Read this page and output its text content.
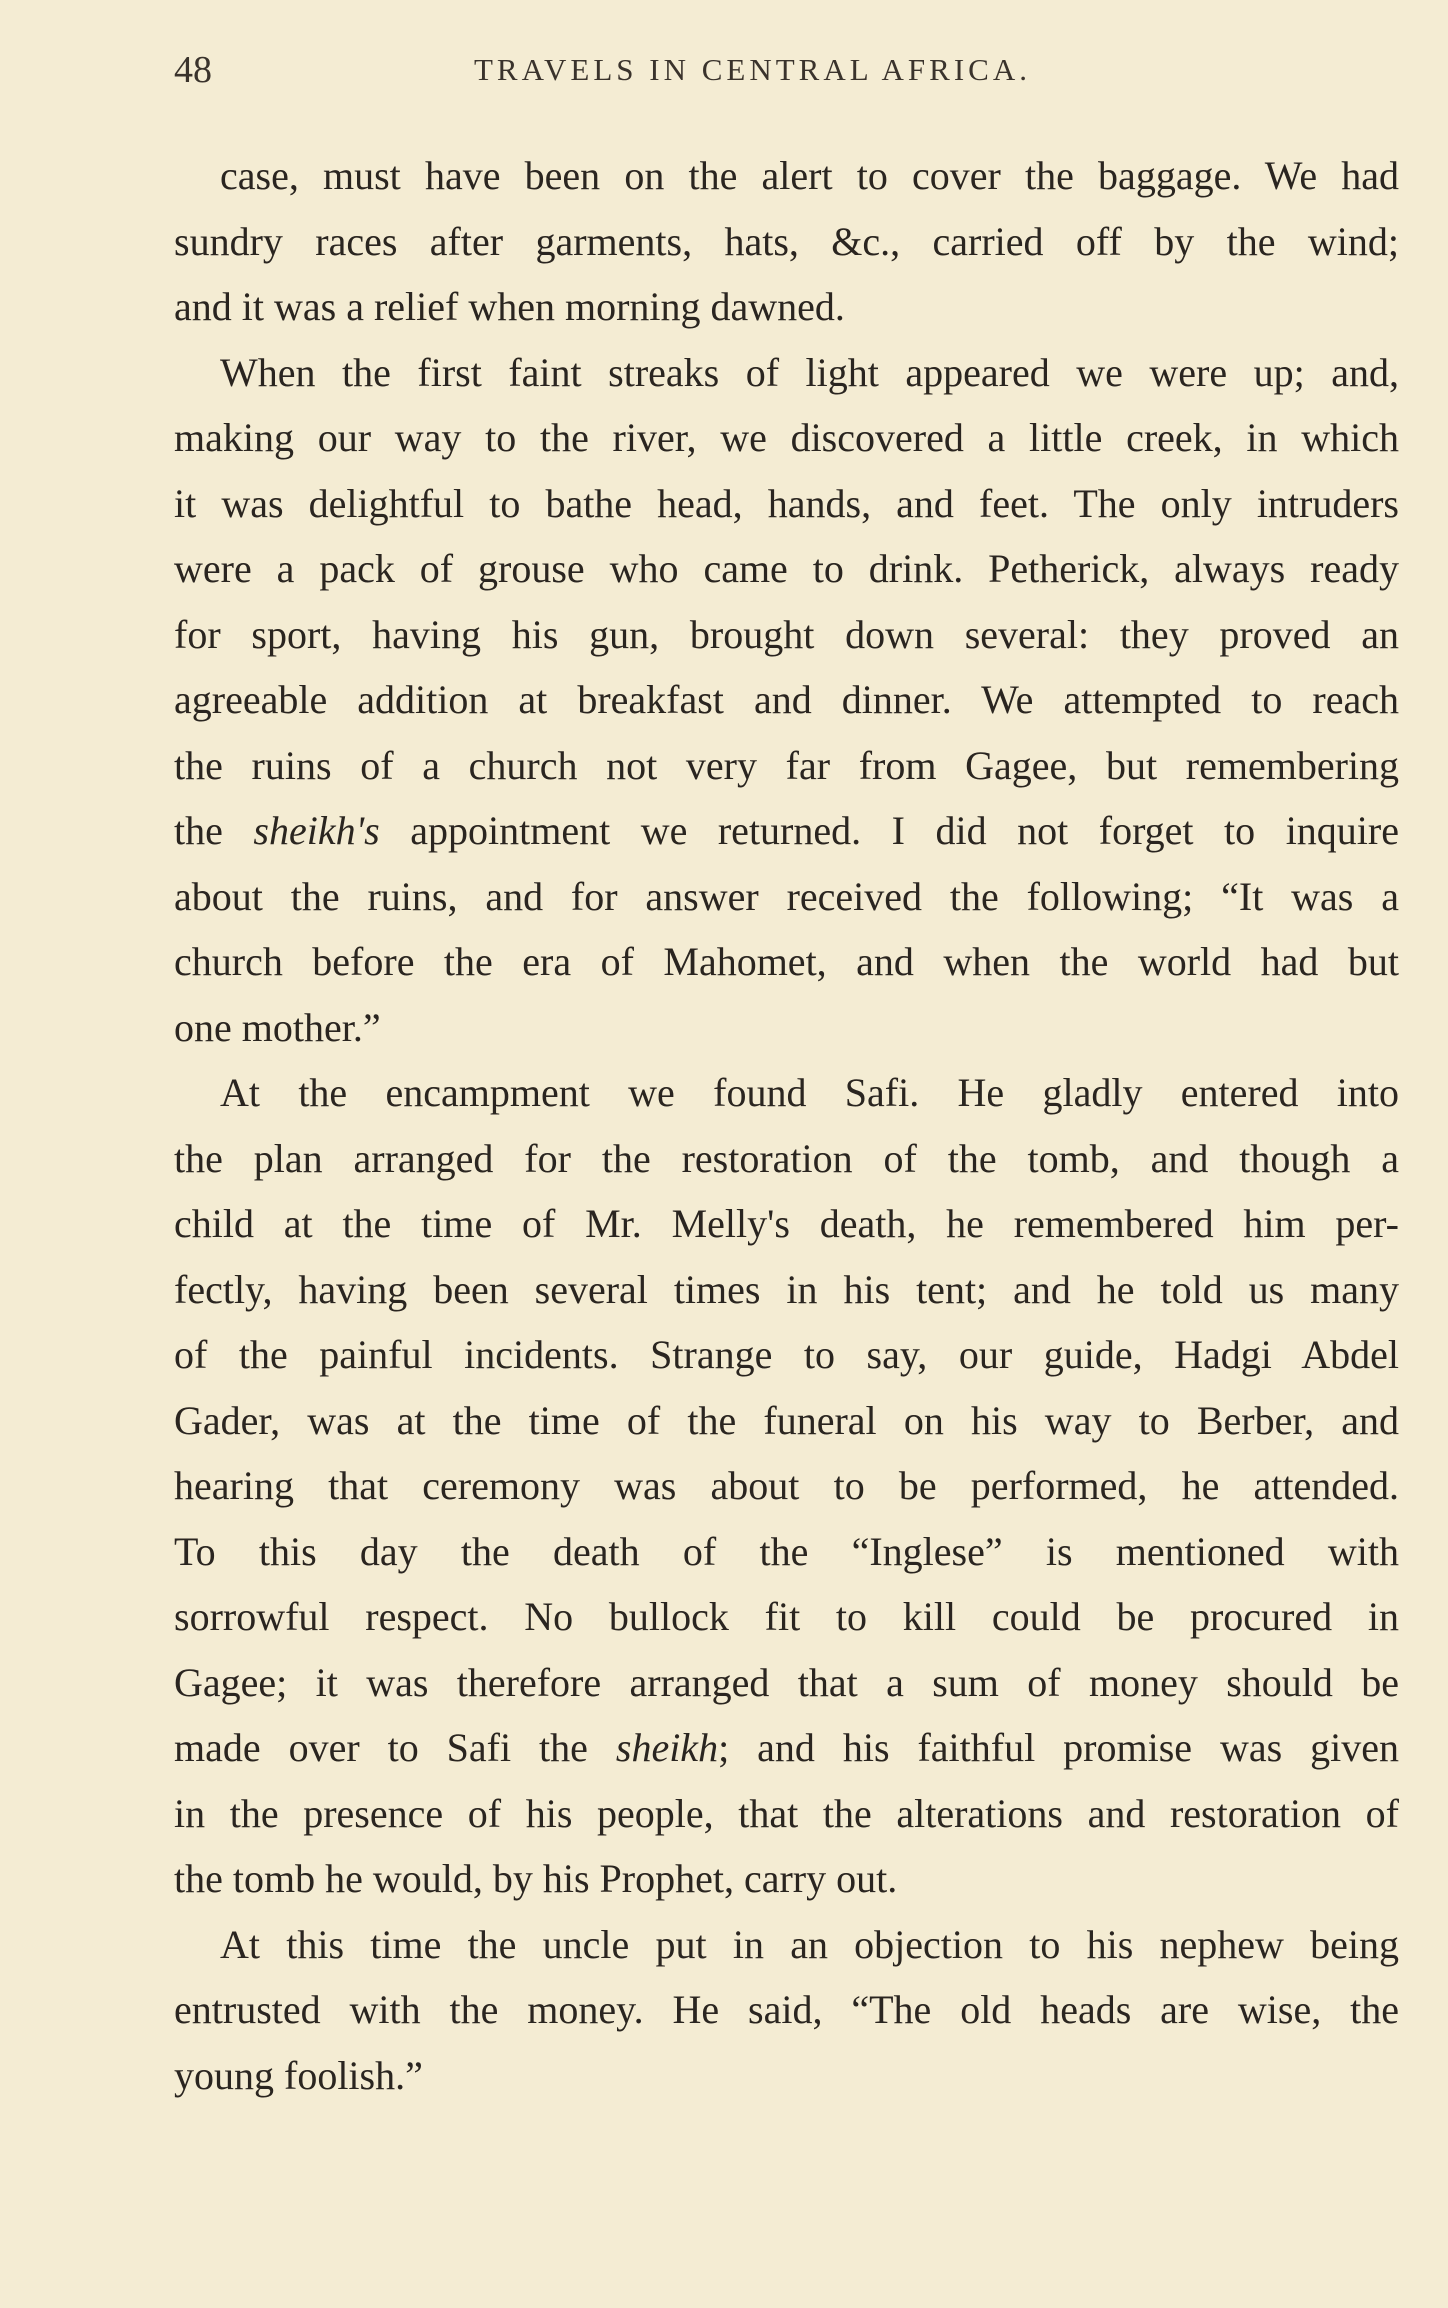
48	TRAVELS IN CENTRAL AFRICA.
case, must have been on the alert to cover the baggage. We had
sundry races after garments, hats, &c., carried off by the wind;
and it was a relief when morning dawned.
When the first faint streaks of light appeared we were up; and,
making our way to the river, we discovered a little creek, in which
it was delightful to bathe head, hands, and feet. The only intruders
were a pack of grouse who came to drink. Petherick, always ready
for sport, having his gun, brought down several: they proved an
agreeable addition at breakfast and dinner. We attempted to reach
the ruins of a church not very far from Gagee, but remembering
the sheikh's appointment we returned. I did not forget to inquire
about the ruins, and for answer received the following; “It was a
church before the era of Mahomet, and when the world had but
one mother.”
At the encampment we found Safi. He gladly entered into
the plan arranged for the restoration of the tomb, and though a
child at the time of Mr. Melly's death, he remembered him per-
fectly, having been several times in his tent; and he told us many
of the painful incidents. Strange to say, our guide, Hadgi Abdel
Gader, was at the time of the funeral on his way to Berber, and
hearing that ceremony was about to be performed, he attended.
To this day the death of the “Inglese” is mentioned with
sorrowful respect. No bullock fit to kill could be procured in
Gagee; it was therefore arranged that a sum of money should be
made over to Safi the sheikh; and his faithful promise was given
in the presence of his people, that the alterations and restoration of
the tomb he would, by his Prophet, carry out.
At this time the uncle put in an objection to his nephew being
entrusted with the money. He said, “The old heads are wise, the
young foolish.”
